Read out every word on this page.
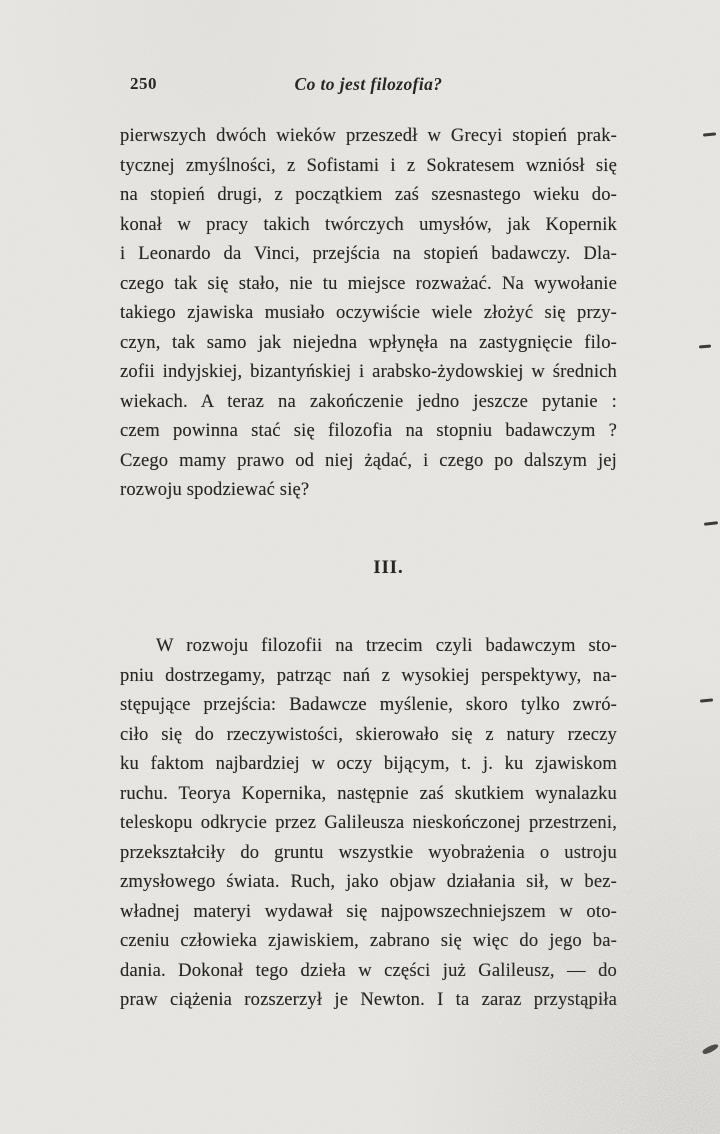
250	Co to jest filozofia?
pierwszych dwóch wieków przeszedł w Grecyi stopień prak-
tycznej zmyślności, z Sofistami i z Sokratesem wzniósł się
na stopień drugi, z początkiem zaś szesnastego wieku do-
konał w pracy takich twórczych umysłów, jak Kopernik
i Leonardo da Vinci, przejścia na stopień badawczy. Dla-
czego tak się stało, nie tu miejsce rozważać. Na wywołanie
takiego zjawiska musiało oczywiście wiele złożyć się przy-
czyn, tak samo jak niejedna wpłynęła na zastygnięcie filo-
zofii indyjskiej, bizantyńskiej i arabsko-żydowskiej w średnich
wiekach. A teraz na zakończenie jedno jeszcze pytanie :
czem powinna stać się filozofia na stopniu badawczym ?
Czego mamy prawo od niej żądać, i czego po dalszym jej
rozwoju spodziewać się?
III.
W rozwoju filozofii na trzecim czyli badawczym sto-
pniu dostrzegamy, patrząc nań z wysokiej perspektywy, na-
stępujące przejścia: Badawcze myślenie, skoro tylko zwró-
ciło się do rzeczywistości, skierowało się z natury rzeczy
ku faktom najbardziej w oczy bijącym, t. j. ku zjawiskom
ruchu. Teorya Kopernika, następnie zaś skutkiem wynalazku
teleskopu odkrycie przez Galileusza nieskończonej przestrzeni,
przekształciły do gruntu wszystkie wyobrażenia o ustroju
zmysłowego świata. Ruch, jako objaw działania sił, w bez-
władnej materyi wydawał się najpowszechniejszem w oto-
czeniu człowieka zjawiskiem, zabrano się więc do jego ba-
dania. Dokonał tego dzieła w części już Galileusz, — do
praw ciążenia rozszerzył je Newton. I ta zaraz przystąpiła
